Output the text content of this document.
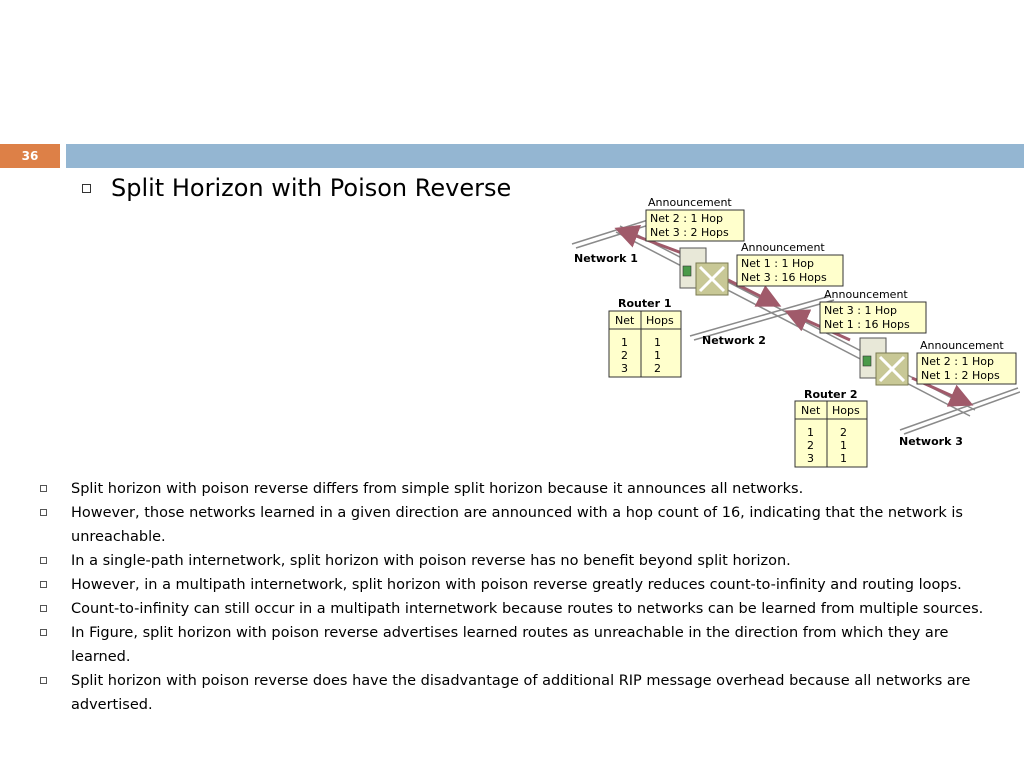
36
Split Horizon with Poison Reverse
Network 1
Network 2
Network 3
Announcement
Net 2 : 1 Hop
Net 3 : 2 Hops
Announcement
Net 1 : 1 Hop
Net 3 : 16 Hops
Announcement
Net 3 : 1 Hop
Net 1 : 16 Hops
Announcement
Net 2 : 1 Hop
Net 1 : 2 Hops
Router 1
Net Hops
1
2
3
1
1
2
Router 2
Net Hops
1
2
3
2
1
1
Split horizon with poison reverse differs from simple split horizon because it announces all networks.
However, those networks learned in a given direction are announced with a hop count of 16, indicating that the network is unreachable.
In a single-path internetwork, split horizon with poison reverse has no benefit beyond split horizon.
However, in a multipath internetwork, split horizon with poison reverse greatly reduces count-to-infinity and routing loops.
Count-to-infinity can still occur in a multipath internetwork because routes to networks can be learned from multiple sources.
In Figure, split horizon with poison reverse advertises learned routes as unreachable in the direction from which they are learned.
Split horizon with poison reverse does have the disadvantage of additional RIP message overhead because all networks are advertised.
